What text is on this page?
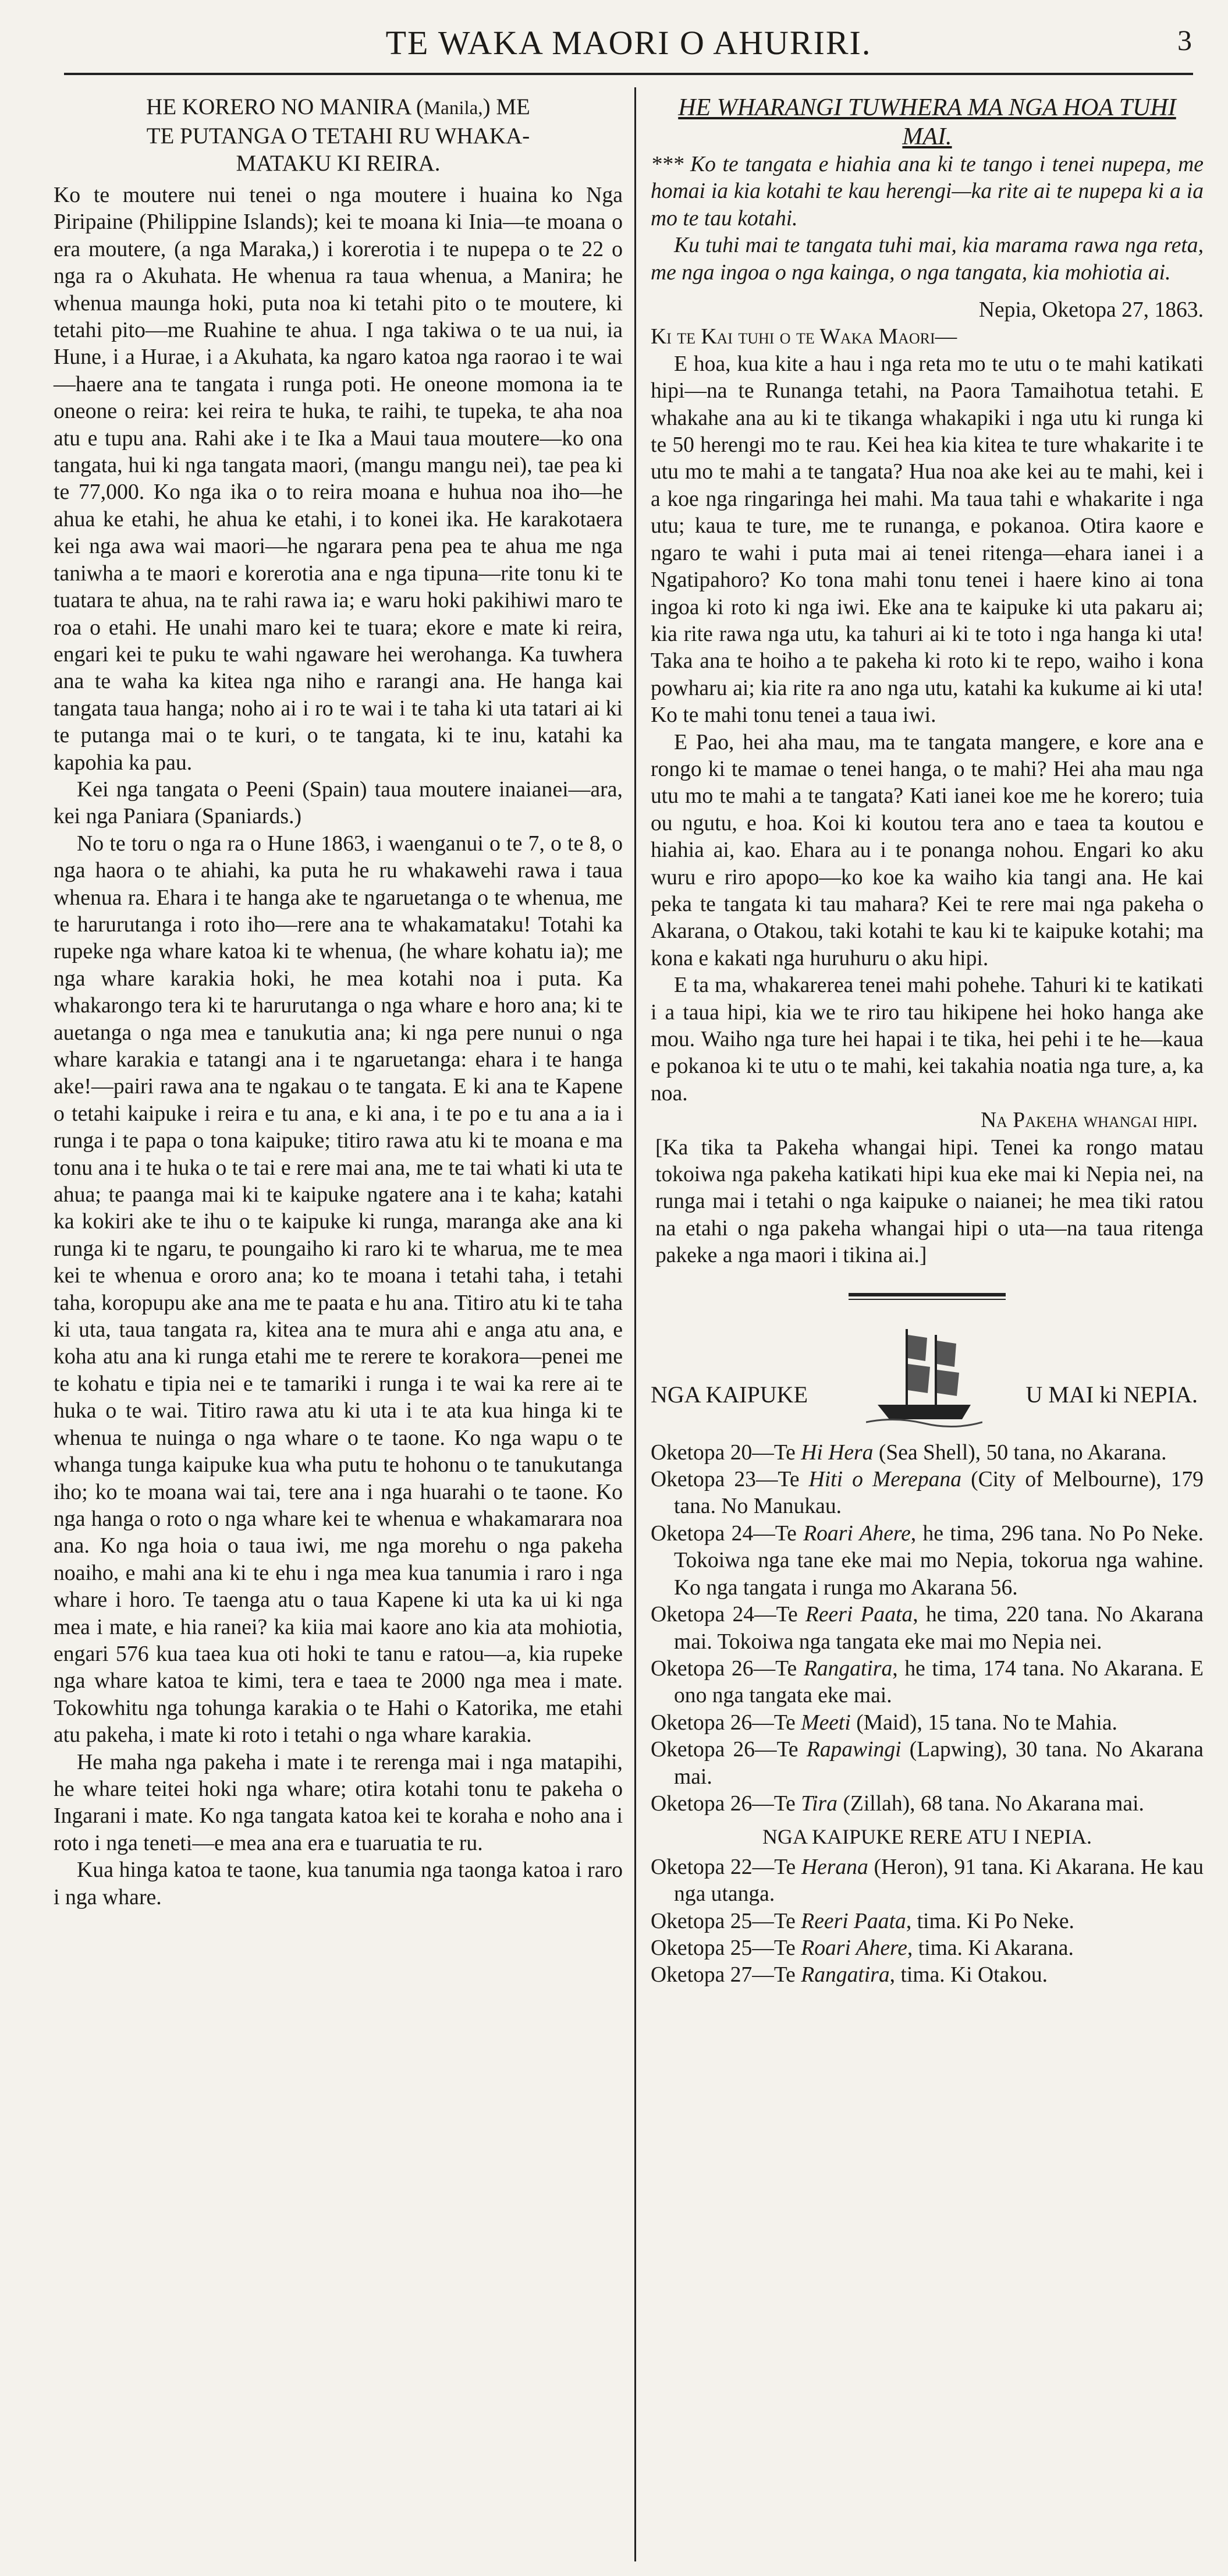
TE WAKA MAORI O AHURIRI.	3
HE KORERO NO MANIRA (Manila,) ME
TE PUTANGA O TETAHI RU WHAKA-
MATAKU KI REIRA.

Ko te moutere nui tenei o nga moutere i huaina ko Nga Piripaine (Philippine Islands); kei te moana ki Inia—te moana o era moutere, (a nga Maraka,) i korerotia i te nupepa o te 22 o nga ra o Akuhata. He whenua ra taua whenua, a Manira; he whenua maunga hoki, puta noa ki tetahi pito o te moutere, ki tetahi pito—me Ruahine te ahua. I nga takiwa o te ua nui, ia Hune, i a Hurae, i a Akuhata, ka ngaro katoa nga raorao i te wai—haere ana te tangata i runga poti. He oneone momona ia te oneone o reira: kei reira te huka, te raihi, te tupeka, te aha noa atu e tupu ana. Rahi ake i te Ika a Maui taua moutere—ko ona tangata, hui ki nga tangata maori, (mangu mangu nei), tae pea ki te 77,000. Ko nga ika o to reira moana e huhua noa iho—he ahua ke etahi, he ahua ke etahi, i to konei ika. He karakotaera kei nga awa wai maori—he ngarara pena pea te ahua me nga taniwha a te maori e korerotia ana e nga tipuna—rite tonu ki te tuatara te ahua, na te rahi rawa ia; e waru hoki pakihiwi maro te roa o etahi. He unahi maro kei te tuara; ekore e mate ki reira, engari kei te puku te wahi ngaware hei werohanga. Ka tuwhera ana te waha ka kitea nga niho e rarangi ana. He hanga kai tangata taua hanga; noho ai i ro te wai i te taha ki uta tatari ai ki te putanga mai o te kuri, o te tangata, ki te inu, katahi ka kapohia ka pau.

Kei nga tangata o Peeni (Spain) taua moutere inaianei—ara, kei nga Paniara (Spaniards.)

No te toru o nga ra o Hune 1863, i waenganui o te 7, o te 8, o nga haora o te ahiahi, ka puta he ru whakawehi rawa i taua whenua ra. Ehara i te hanga ake te ngaruetanga o te whenua, me te harurutanga i roto iho—rere ana te whakamataku! Totahi ka rupeke nga whare katoa ki te whenua, (he whare kohatu ia); me nga whare karakia hoki, he mea kotahi noa i puta. Ka whakarongo tera ki te harurutanga o nga whare e horo ana; ki te auetanga o nga mea e tanukutia ana; ki nga pere nunui o nga whare karakia e tatangi ana i te ngaruetanga: ehara i te hanga ake!—pairi rawa ana te ngakau o te tangata. E ki ana te Kapene o tetahi kaipuke i reira e tu ana, e ki ana, i te po e tu ana a ia i runga i te papa o tona kaipuke; titiro rawa atu ki te moana e ma tonu ana i te huka o te tai e rere mai ana, me te tai whati ki uta te ahua; te paanga mai ki te kaipuke ngatere ana i te kaha; katahi ka kokiri ake te ihu o te kaipuke ki runga, maranga ake ana ki runga ki te ngaru, te poungaiho ki raro ki te wharua, me te mea kei te whenua e ororo ana; ko te moana i tetahi taha, i tetahi taha, koropupu ake ana me te paata e hu ana. Titiro atu ki te taha ki uta, taua tangata ra, kitea ana te mura ahi e anga atu ana, e koha atu ana ki runga etahi me te rerere te korakora—penei me te kohatu e tipia nei e te tamariki i runga i te wai ka rere ai te huka o te wai. Titiro rawa atu ki uta i te ata kua hinga ki te whenua te nuinga o nga whare o te taone. Ko nga wapu o te whanga tunga kaipuke kua wha putu te hohonu o te tanukutanga iho; ko te moana wai tai, tere ana i nga huarahi o te taone. Ko nga hanga o roto o nga whare kei te whenua e whakamarara noa ana. Ko nga hoia o taua iwi, me nga morehu o nga pakeha noaiho, e mahi ana ki te ehu i nga mea kua tanumia i raro i nga whare i horo. Te taenga atu o taua Kapene ki uta ka ui ki nga mea i mate, e hia ranei? ka kiia mai kaore ano kia ata mohiotia, engari 576 kua taea kua oti hoki te tanu e ratou—a, kia rupeke nga whare katoa te kimi, tera e taea te 2000 nga mea i mate. Tokowhitu nga tohunga karakia o te Hahi o Katorika, me etahi atu pakeha, i mate ki roto i tetahi o nga whare karakia.

He maha nga pakeha i mate i te rerenga mai i nga matapihi, he whare teitei hoki nga whare; otira kotahi tonu te pakeha o Ingarani i mate. Ko nga tangata katoa kei te koraha e noho ana i roto i nga teneti—e mea ana era e tuaruatia te ru.

Kua hinga katoa te taone, kua tanumia nga taonga katoa i raro i nga whare.

HE WHARANGI TUWHERA MA NGA HOA TUHI MAI.

*** Ko te tangata e hiahia ana ki te tango i tenei nupepa, me homai ia kia kotahi te kau herengi—ka rite ai te nupepa ki a ia mo te tau kotahi.

Ku tuhi mai te tangata tuhi mai, kia marama rawa nga reta, me nga ingoa o nga kainga, o nga tangata, kia mohiotia ai.

Nepia, Oketopa 27, 1863.

Ki te Kai tuhi o te Waka Maori—

E hoa, kua kite a hau i nga reta mo te utu o te mahi katikati hipi—na te Runanga tetahi, na Paora Tamaihotua tetahi. E whakahe ana au ki te tikanga whakapiki i nga utu ki runga ki te 50 herengi mo te rau. Kei hea kia kitea te ture whakarite i te utu mo te mahi a te tangata? Hua noa ake kei au te mahi, kei i a koe nga ringaringa hei mahi. Ma taua tahi e whakarite i nga utu; kaua te ture, me te runanga, e pokanoa. Otira kaore e ngaro te wahi i puta mai ai tenei ritenga—ehara ianei i a Ngatipahoro? Ko tona mahi tonu tenei i haere kino ai tona ingoa ki roto ki nga iwi. Eke ana te kaipuke ki uta pakaru ai; kia rite rawa nga utu, ka tahuri ai ki te toto i nga hanga ki uta! Taka ana te hoiho a te pakeha ki roto ki te repo, waiho i kona powharu ai; kia rite ra ano nga utu, katahi ka kukume ai ki uta! Ko te mahi tonu tenei a taua iwi.

E Pao, hei aha mau, ma te tangata mangere, e kore ana e rongo ki te mamae o tenei hanga, o te mahi? Hei aha mau nga utu mo te mahi a te tangata? Kati ianei koe me he korero; tuia ou ngutu, e hoa. Koi ki koutou tera ano e taea ta koutou e hiahia ai, kao. Ehara au i te ponanga nohou. Engari ko aku wuru e riro apopo—ko koe ka waiho kia tangi ana. He kai peka te tangata ki tau mahara? Kei te rere mai nga pakeha o Akarana, o Otakou, taki kotahi te kau ki te kaipuke kotahi; ma kona e kakati nga huruhuru o aku hipi.

E ta ma, whakarerea tenei mahi pohehe. Tahuri ki te katikati i a taua hipi, kia we te riro tau hikipene hei hoko hanga ake mou. Waiho nga ture hei hapai i te tika, hei pehi i te he—kaua e pokanoa ki te utu o te mahi, kei takahia noatia nga ture, a, ka noa.

Na Pakeha whangai hipi.

[Ka tika ta Pakeha whangai hipi. Tenei ka rongo matau tokoiwa nga pakeha katikati hipi kua eke mai ki Nepia nei, na runga mai i tetahi o nga kaipuke o naianei; he mea tiki ratou na etahi o nga pakeha whangai hipi o uta—na taua ritenga pakeke a nga maori i tikina ai.]

NGA KAIPUKE	U MAI ki NEPIA.

Oketopa 20—Te Hi Hera (Sea Shell), 50 tana, no Akarana.

Oketopa 23—Te Hiti o Merepana (City of Melbourne), 179 tana. No Manukau.

Oketopa 24—Te Roari Ahere, he tima, 296 tana. No Po Neke. Tokoiwa nga tane eke mai mo Nepia, tokorua nga wahine. Ko nga tangata i runga mo Akarana 56.

Oketopa 24—Te Reeri Paata, he tima, 220 tana. No Akarana mai. Tokoiwa nga tangata eke mai mo Nepia nei.

Oketopa 26—Te Rangatira, he tima, 174 tana. No Akarana. E ono nga tangata eke mai.

Oketopa 26—Te Meeti (Maid), 15 tana. No te Mahia.

Oketopa 26—Te Rapawingi (Lapwing), 30 tana. No Akarana mai.

Oketopa 26—Te Tira (Zillah), 68 tana. No Akarana mai.

NGA KAIPUKE RERE ATU I NEPIA.

Oketopa 22—Te Herana (Heron), 91 tana. Ki Akarana. He kau nga utanga.

Oketopa 25—Te Reeri Paata, tima. Ki Po Neke.

Oketopa 25—Te Roari Ahere, tima. Ki Akarana.

Oketopa 27—Te Rangatira, tima. Ki Otakou.
